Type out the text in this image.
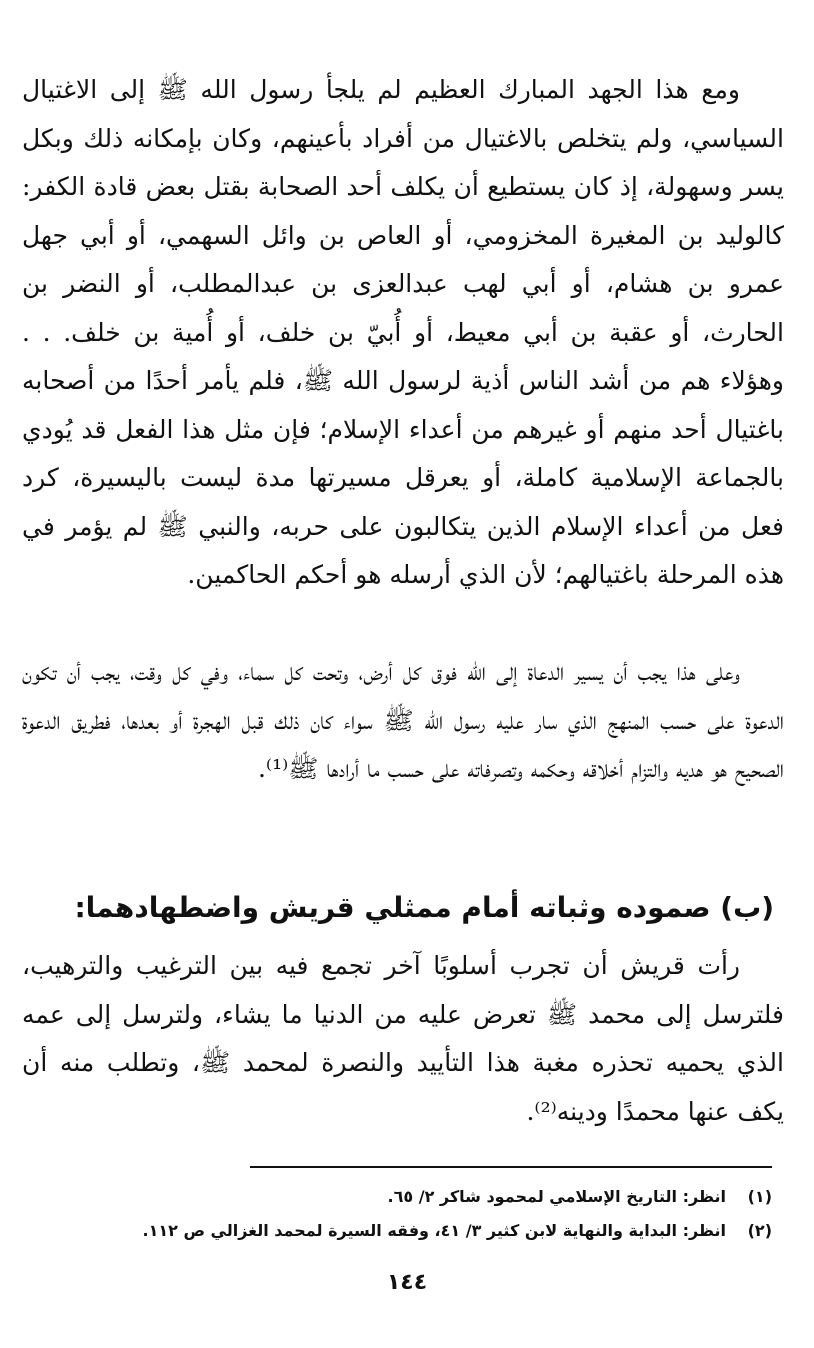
ومع هذا الجهد المبارك العظيم لم يلجأ رسول الله ﷺ إلى الاغتيال السياسي، ولم يتخلص بالاغتيال من أفراد بأعينهم، وكان بإمكانه ذلك وبكل يسر وسهولة، إذ كان يستطيع أن يكلف أحد الصحابة بقتل بعض قادة الكفر: كالوليد بن المغيرة المخزومي، أو العاص بن وائل السهمي، أو أبي جهل عمرو بن هشام، أو أبي لهب عبدالعزى بن عبدالمطلب، أو النضر بن الحارث، أو عقبة بن أبي معيط، أو أُبيّ بن خلف، أو أُمية بن خلف. . . وهؤلاء هم من أشد الناس أذية لرسول الله ﷺ، فلم يأمر أحدًا من أصحابه باغتيال أحد منهم أو غيرهم من أعداء الإسلام؛ فإن مثل هذا الفعل قد يُودي بالجماعة الإسلامية كاملة، أو يعرقل مسيرتها مدة ليست باليسيرة، كرد فعل من أعداء الإسلام الذين يتكالبون على حربه، والنبي ﷺ لم يؤمر في هذه المرحلة باغتيالهم؛ لأن الذي أرسله هو أحكم الحاكمين.

وعلى هذا يجب أن يسير الدعاة إلى الله فوق كل أرض، وتحت كل سماء، وفي كل وقت، يجب أن تكون الدعوة على حسب المنهج الذي سار عليه رسول الله ﷺ سواء كان ذلك قبل الهجرة أو بعدها، فطريق الدعوة الصحيح هو هديه والتزام أخلاقه وحكمه وتصرفاته على حسب ما أرادها ﷺ⁽¹⁾.

(ب) صموده وثباته أمام ممثلي قريش واضطهادهما:

رأت قريش أن تجرب أسلوبًا آخر تجمع فيه بين الترغيب والترهيب، فلترسل إلى محمد ﷺ تعرض عليه من الدنيا ما يشاء، ولترسل إلى عمه الذي يحميه تحذره مغبة هذا التأييد والنصرة لمحمد ﷺ، وتطلب منه أن يكف عنها محمدًا ودينه⁽²⁾.

(١)
انظر: التاريخ الإسلامي لمحمود شاكر ٢/ ٦٥.
(٢)
انظر: البداية والنهاية لابن كثير ٣/ ٤١، وفقه السيرة لمحمد الغزالي ص ١١٢.
١٤٤
